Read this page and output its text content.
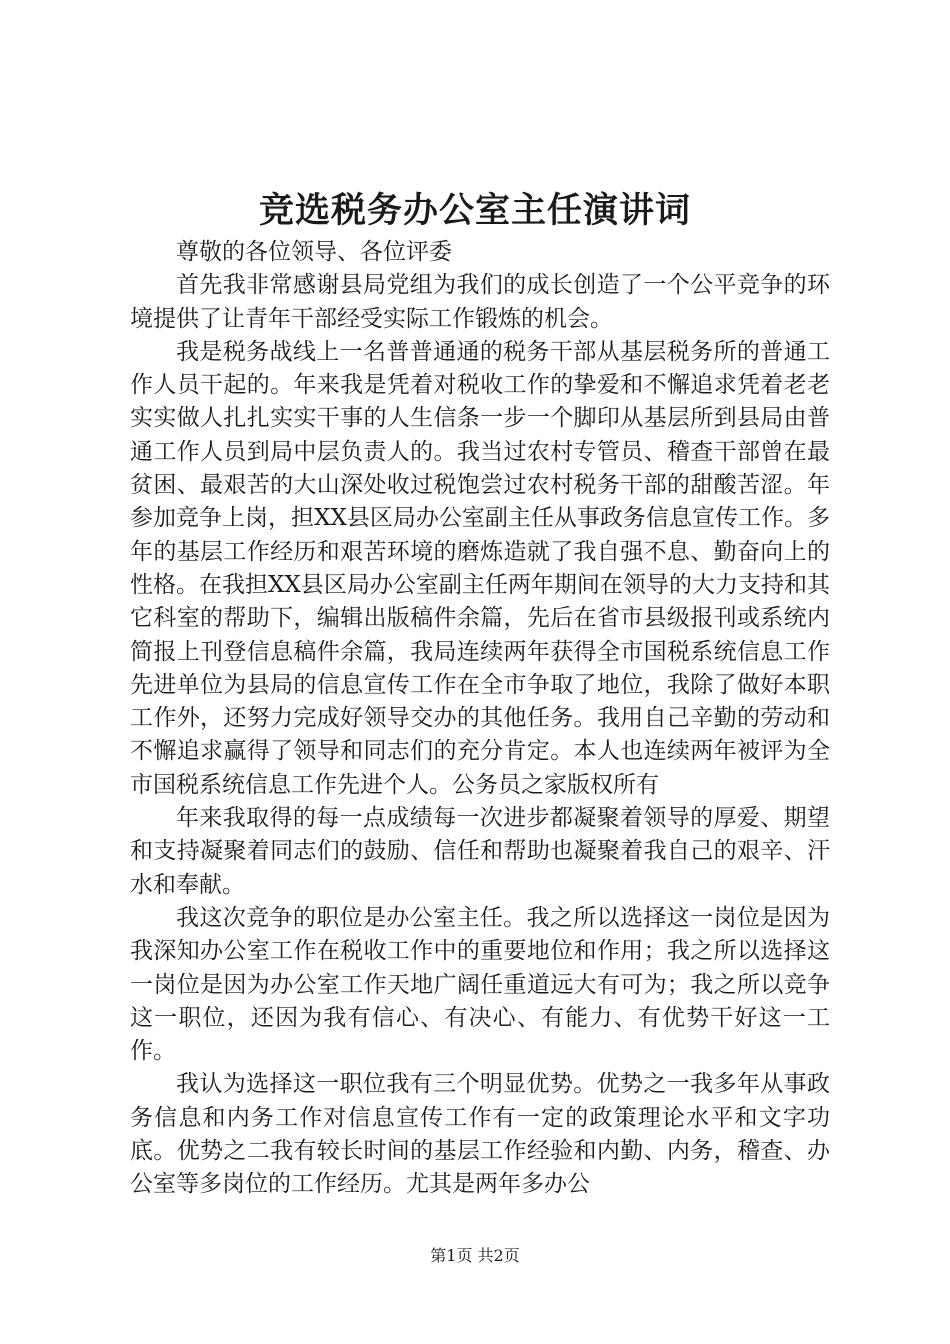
竞选税务办公室主任演讲词

尊敬的各位领导、各位评委

首先我非常感谢县局党组为我们的成长创造了一个公平竞争的环境提供了让青年干部经受实际工作锻炼的机会。

我是税务战线上一名普普通通的税务干部从基层税务所的普通工作人员干起的。年来我是凭着对税收工作的挚爱和不懈追求凭着老老实实做人扎扎实实干事的人生信条一步一个脚印从基层所到县局由普通工作人员到局中层负责人的。我当过农村专管员、稽查干部曾在最贫困、最艰苦的大山深处收过税饱尝过农村税务干部的甜酸苦涩。年参加竞争上岗，担XX县区局办公室副主任从事政务信息宣传工作。多年的基层工作经历和艰苦环境的磨炼造就了我自强不息、勤奋向上的性格。在我担XX县区局办公室副主任两年期间在领导的大力支持和其它科室的帮助下，编辑出版稿件余篇，先后在省市县级报刊或系统内简报上刊登信息稿件余篇，我局连续两年获得全市国税系统信息工作先进单位为县局的信息宣传工作在全市争取了地位，我除了做好本职工作外，还努力完成好领导交办的其他任务。我用自己辛勤的劳动和不懈追求赢得了领导和同志们的充分肯定。本人也连续两年被评为全市国税系统信息工作先进个人。公务员之家版权所有

年来我取得的每一点成绩每一次进步都凝聚着领导的厚爱、期望和支持凝聚着同志们的鼓励、信任和帮助也凝聚着我自己的艰辛、汗水和奉献。

我这次竞争的职位是办公室主任。我之所以选择这一岗位是因为我深知办公室工作在税收工作中的重要地位和作用；我之所以选择这一岗位是因为办公室工作天地广阔任重道远大有可为；我之所以竞争这一职位，还因为我有信心、有决心、有能力、有优势干好这一工作。

我认为选择这一职位我有三个明显优势。优势之一我多年从事政务信息和内务工作对信息宣传工作有一定的政策理论水平和文字功底。优势之二我有较长时间的基层工作经验和内勤、内务，稽查、办公室等多岗位的工作经历。尤其是两年多办公

第1页 共2页
